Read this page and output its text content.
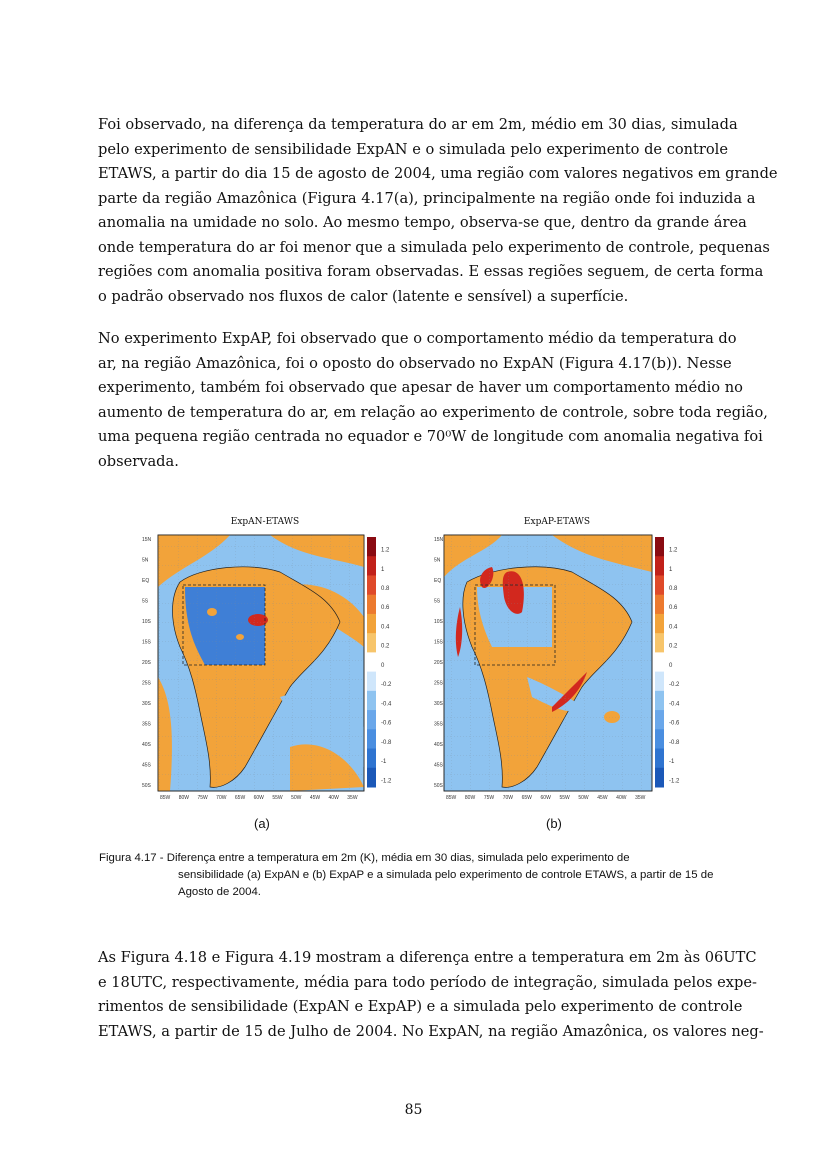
Foi observado, na diferença da temperatura do ar em 2m, médio em 30 dias, simulada
pelo experimento de sensibilidade ExpAN e o simulada pelo experimento de controle
ETAWS, a partir do dia 15 de agosto de 2004, uma região com valores negativos em grande
parte da região Amazônica (Figura 4.17(a), principalmente na região onde foi induzida a
anomalia na umidade no solo. Ao mesmo tempo, observa-se que, dentro da grande área
onde temperatura do ar foi menor que a simulada pelo experimento de controle, pequenas
regiões com anomalia positiva foram observadas. E essas regiões seguem, de certa forma
o padrão observado nos fluxos de calor (latente e sensível) a superfície.
No experimento ExpAP, foi observado que o comportamento médio da temperatura do
ar, na região Amazônica, foi o oposto do observado no ExpAN (Figura 4.17(b)). Nesse
experimento, também foi observado que apesar de haver um comportamento médio no
aumento de temperatura do ar, em relação ao experimento de controle, sobre toda região,
uma pequena região centrada no equador e 70⁰W de longitude com anomalia negativa foi
observada.
ExpAN-ETAWS
1.2
1
0.8
0.6
0.4
0.2
0
-0.2
-0.4
-0.6
-0.8
-1
-1.2
15N
5N
EQ
5S
10S
15S
20S
25S
30S
35S
40S
45S
50S
85W 80W 75W 70W 65W 60W 55W 50W 45W 40W 35W
ExpAP-ETAWS
1.2
1
0.8
0.6
0.4
0.2
0
-0.2
-0.4
-0.6
-0.8
-1
-1.2
15N
5N
EQ
5S
10S
15S
20S
25S
30S
35S
40S
45S
50S
85W 80W 75W 70W 65W 60W 55W 50W 45W 40W 35W
(a)	(b)
Figura 4.17 - Diferença entre a temperatura em 2m (K), média em 30 dias, simulada pelo experimento de
sensibilidade (a) ExpAN e (b) ExpAP e a simulada pelo experimento de controle ETAWS, a partir de 15 de Agosto de 2004.
As Figura 4.18 e Figura 4.19 mostram a diferença entre a temperatura em 2m às 06UTC
e 18UTC, respectivamente, média para todo período de integração, simulada pelos expe-
rimentos de sensibilidade (ExpAN e ExpAP) e a simulada pelo experimento de controle
ETAWS, a partir de 15 de Julho de 2004. No ExpAN, na região Amazônica, os valores neg-
85
